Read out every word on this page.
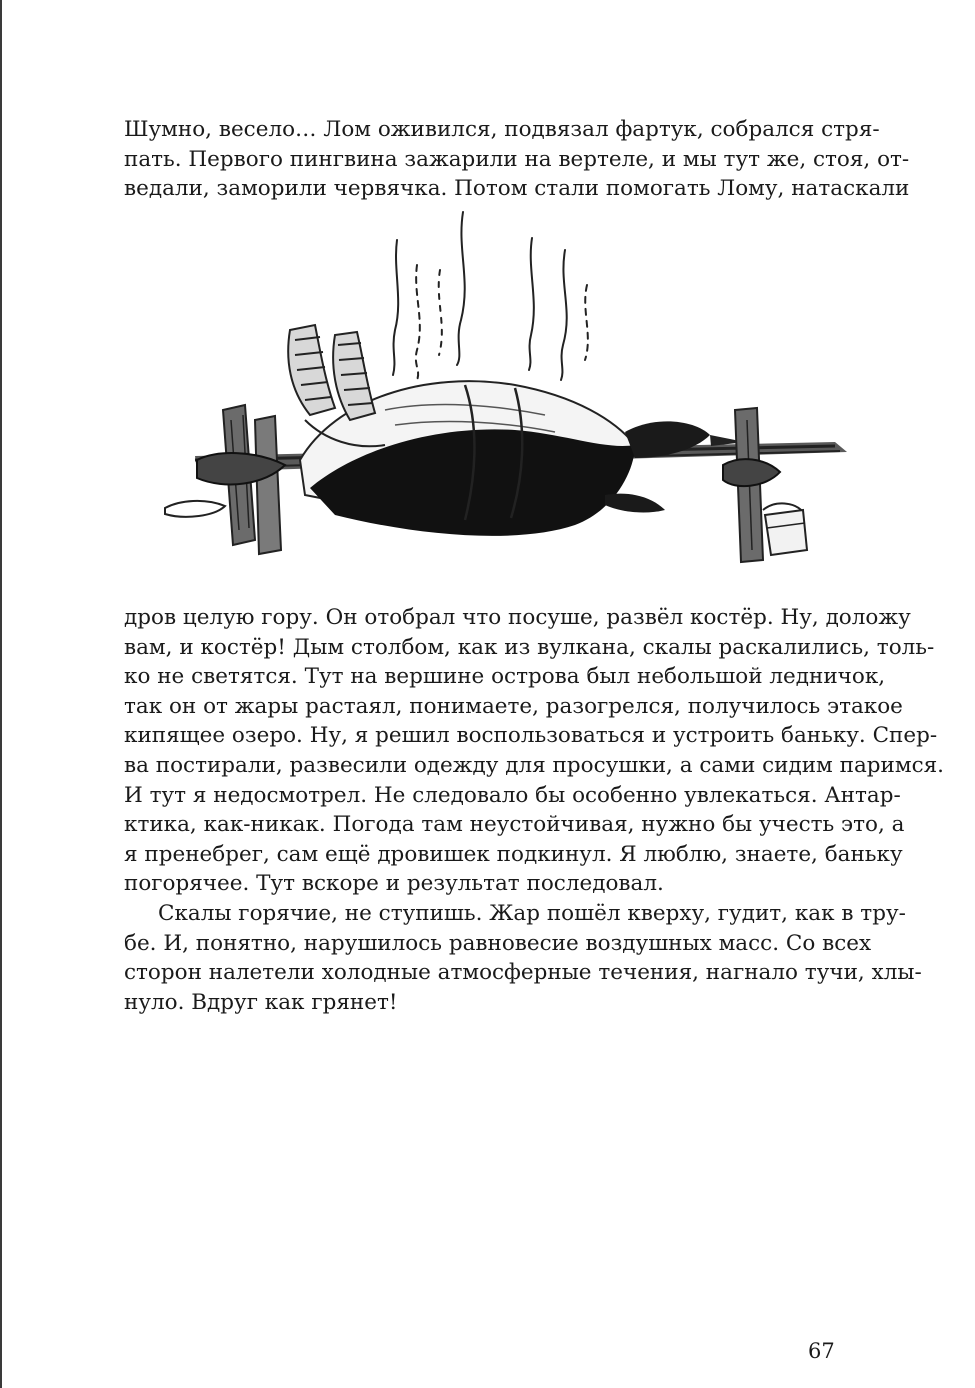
Шумно, весело… Лом оживился, подвязал фартук, собрался стря-
пать. Первого пингвина зажарили на вертеле, и мы тут же, стоя, от-
ведали, заморили червячка. Потом стали помогать Лому, натаскали
дров целую гору. Он отобрал что посуше, развёл костёр. Ну, доложу
вам, и костёр! Дым столбом, как из вулкана, скалы раскалились, толь-
ко не светятся. Тут на вершине острова был небольшой ледничок,
так он от жары растаял, понимаете, разогрелся, получилось этакое
кипящее озеро. Ну, я решил воспользоваться и устроить баньку. Спер-
ва постирали, развесили одежду для просушки, а сами сидим паримся.
И тут я недосмотрел. Не следовало бы особенно увлекаться. Антар-
ктика, как-никак. Погода там неустойчивая, нужно бы учесть это, а
я пренебрег, сам ещё дровишек подкинул. Я люблю, знаете, баньку
погорячее. Тут вскоре и результат последовал.
Скалы горячие, не ступишь. Жар пошёл кверху, гудит, как в тру-
бе. И, понятно, нарушилось равновесие воздушных масс. Со всех
сторон налетели холодные атмосферные течения, нагнало тучи, хлы-
нуло. Вдруг как грянет!
67
